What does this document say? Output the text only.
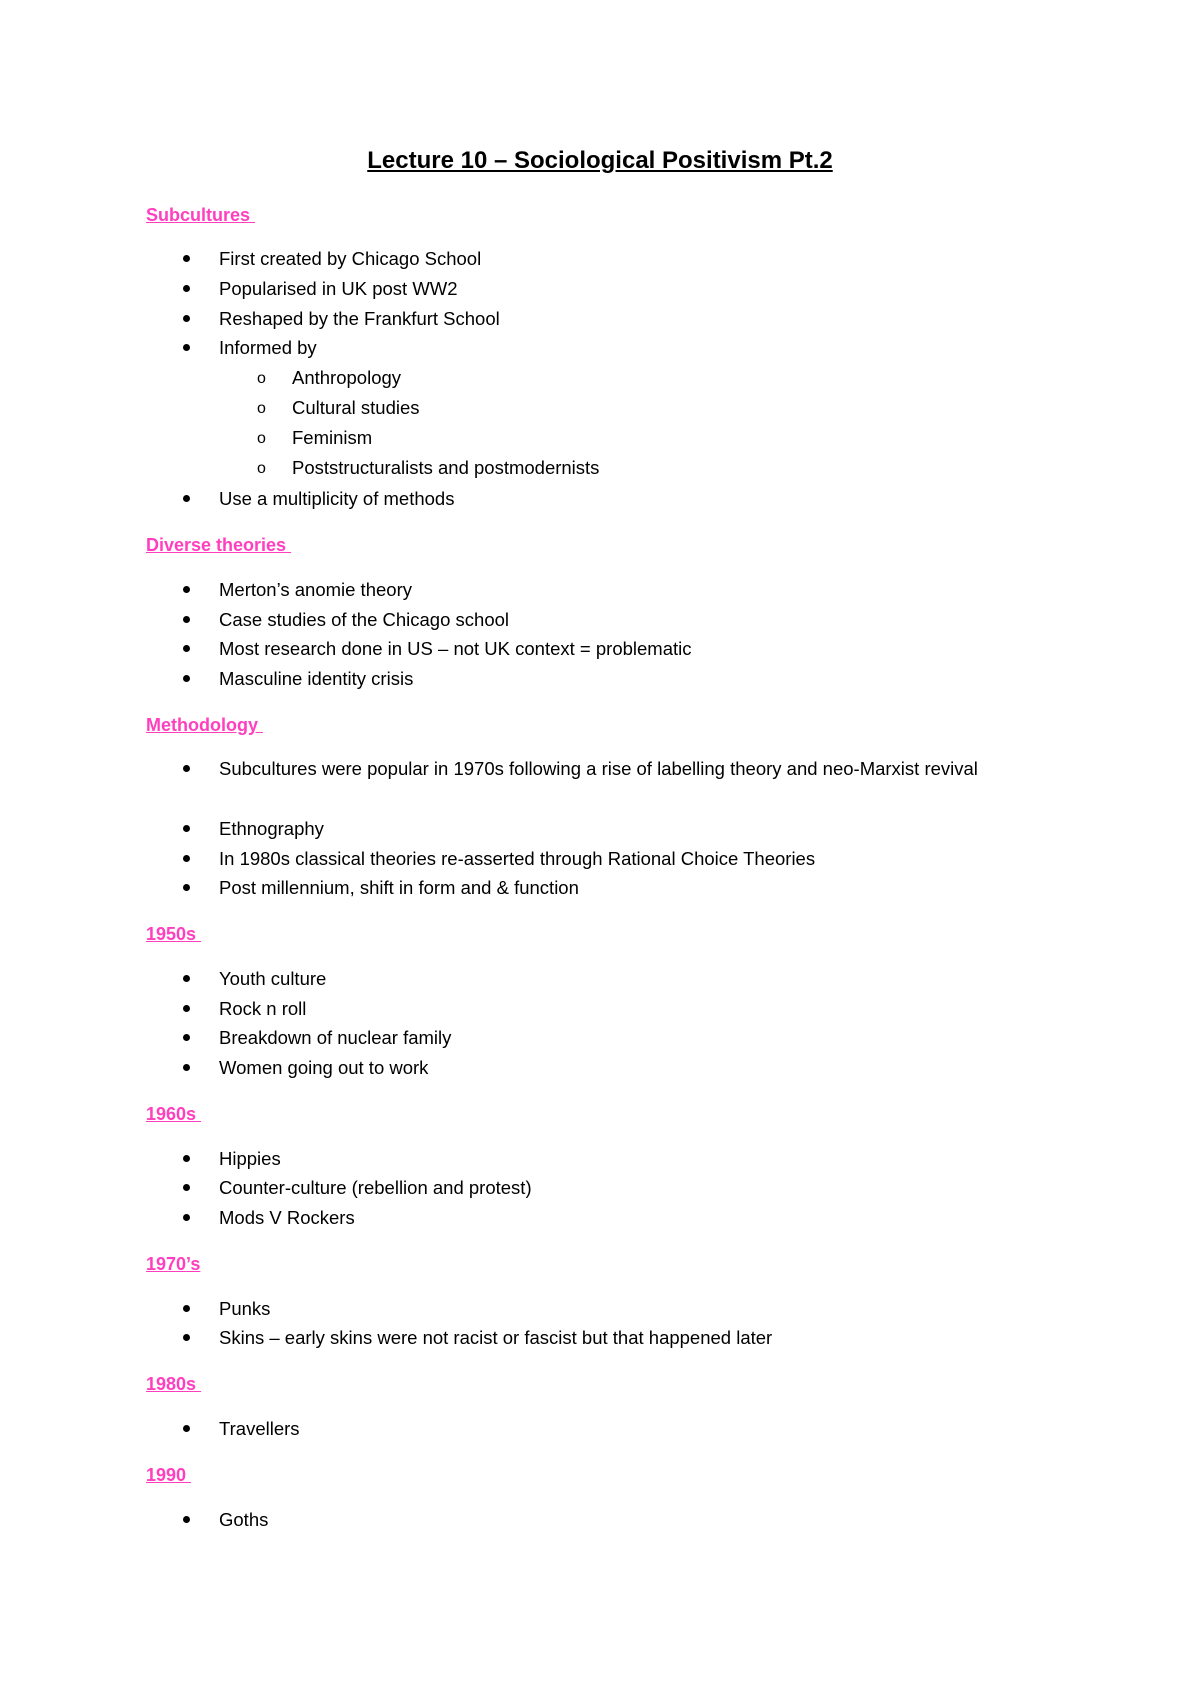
Lecture 10 – Sociological Positivism Pt.2
Subcultures
First created by Chicago School
Popularised in UK post WW2
Reshaped by the Frankfurt School
Informed by
o Anthropology
o Cultural studies
o Feminism
o Poststructuralists and postmodernists
Use a multiplicity of methods
Diverse theories
Merton’s anomie theory
Case studies of the Chicago school
Most research done in US – not UK context = problematic
Masculine identity crisis
Methodology
Subcultures were popular in 1970s following a rise of labelling theory and neo-Marxist revival
Ethnography
In 1980s classical theories re-asserted through Rational Choice Theories
Post millennium, shift in form and & function
1950s
Youth culture
Rock n roll
Breakdown of nuclear family
Women going out to work
1960s
Hippies
Counter-culture (rebellion and protest)
Mods V Rockers
1970’s
Punks
Skins – early skins were not racist or fascist but that happened later
1980s
Travellers
1990
Goths
